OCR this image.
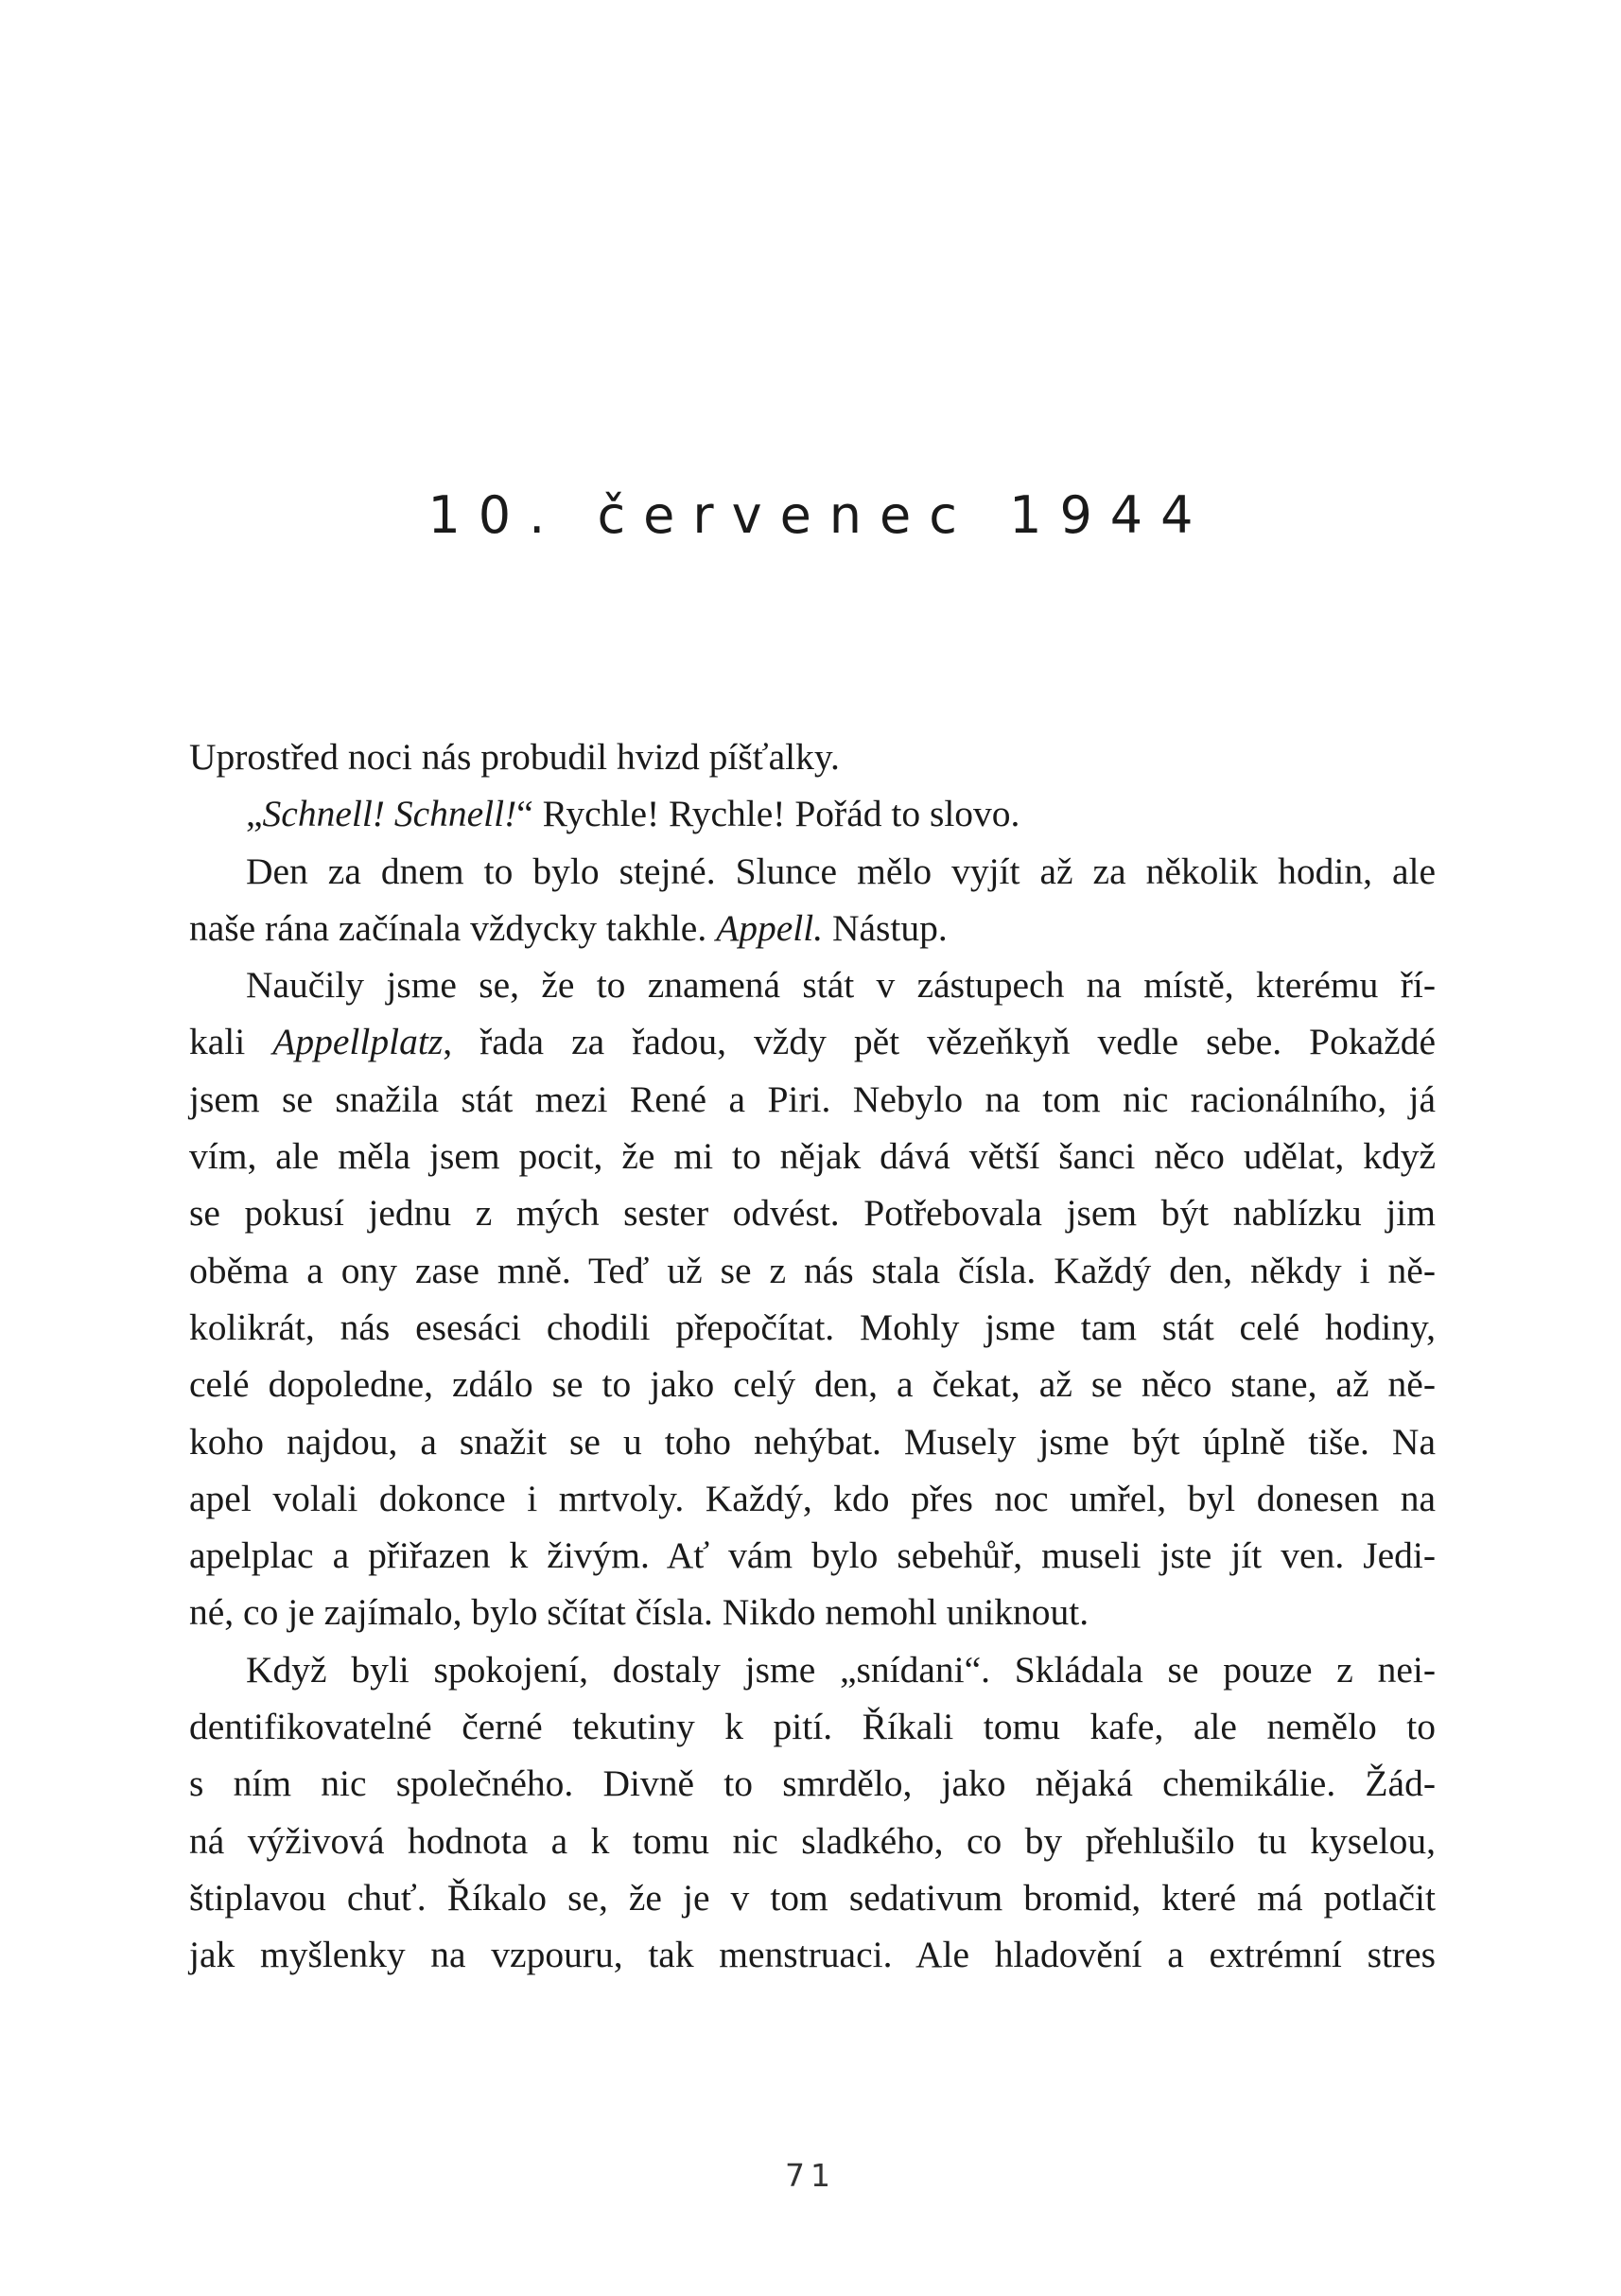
10. červenec 1944
Uprostřed noci nás probudil hvizd píšťalky.
„Schnell! Schnell!“ Rychle! Rychle! Pořád to slovo.
Den za dnem to bylo stejné. Slunce mělo vyjít až za několik hodin, ale
naše rána začínala vždycky takhle. Appell. Nástup.
Naučily jsme se, že to znamená stát v zástupech na místě, kterému ří-
kali Appellplatz, řada za řadou, vždy pět vězeňkyň vedle sebe. Pokaždé
jsem se snažila stát mezi René a Piri. Nebylo na tom nic racionálního, já
vím, ale měla jsem pocit, že mi to nějak dává větší šanci něco udělat, když
se pokusí jednu z mých sester odvést. Potřebovala jsem být nablízku jim
oběma a ony zase mně. Teď už se z nás stala čísla. Každý den, někdy i ně-
kolikrát, nás esesáci chodili přepočítat. Mohly jsme tam stát celé hodiny,
celé dopoledne, zdálo se to jako celý den, a čekat, až se něco stane, až ně-
koho najdou, a snažit se u toho nehýbat. Musely jsme být úplně tiše. Na
apel volali dokonce i mrtvoly. Každý, kdo přes noc umřel, byl donesen na
apelplac a přiřazen k živým. Ať vám bylo sebehůř, museli jste jít ven. Jedi-
né, co je zajímalo, bylo sčítat čísla. Nikdo nemohl uniknout.
Když byli spokojení, dostaly jsme „snídani“. Skládala se pouze z nei-
dentifikovatelné černé tekutiny k pití. Říkali tomu kafe, ale nemělo to
s ním nic společného. Divně to smrdělo, jako nějaká chemikálie. Žád-
ná výživová hodnota a k tomu nic sladkého, co by přehlušilo tu kyselou,
štiplavou chuť. Říkalo se, že je v tom sedativum bromid, které má potlačit
jak myšlenky na vzpouru, tak menstruaci. Ale hladovění a extrémní stres
71
